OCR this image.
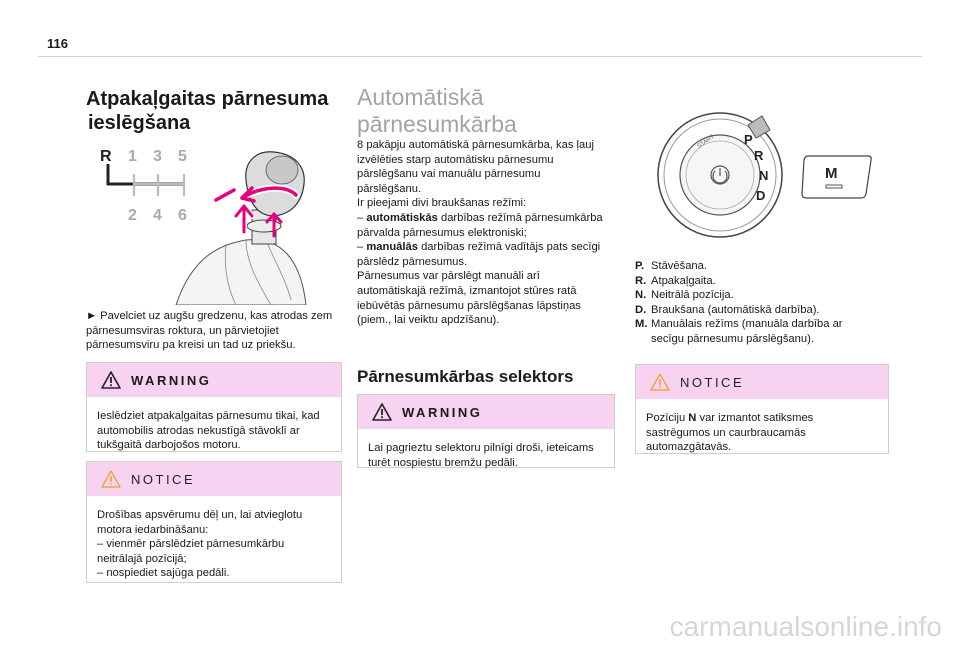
116
Atpakaļgaitas pārnesuma
ieslēgšana
R 1 3 5
2 4 6
► Pavelciet uz augšu gredzenu, kas atrodas zem pārnesumsviras roktura, un pārvietojiet pārnesumsviru pa kreisi un tad uz priekšu.
WARNING
Ieslēdziet atpakaļgaitas pārnesumu tikai, kad automobilis atrodas nekustīgā stāvoklī ar tukšgaitā darbojošos motoru.
NOTICE
Drošības apsvērumu dēļ un, lai atvieglotu motora iedarbināšanu:
– vienmēr pārslēdziet pārnesumkārbu neitrālajā pozīcijā;
– nospiediet sajūga pedāli.
Automātiskā
pārnesumkārba
8 pakāpju automātiskā pārnesumkārba, kas ļauj izvēlēties starp automātisku pārnesumu pārslēgšanu vai manuālu pārnesumu pārslēgšanu.
Ir pieejami divi braukšanas režīmi:
– automātiskās darbības režīmā pārnesumkārba pārvalda pārnesumus elektroniski;
– manuālās darbības režīmā vadītājs pats secīgi pārslēdz pārnesumus.
Pārnesumus var pārslēgt manuāli arī automātiskajā režīmā, izmantojot stūres ratā iebūvētās pārnesumu pārslēgšanas lāpstiņas (piem., lai veiktu apdzīšanu).
Pārnesumkārbas selektors
WARNING
Lai pagrieztu selektoru pilnīgi droši, ieteicams turēt nospiestu bremžu pedāli.
START P
R
N
D
M
P. Stāvēšana.
R. Atpakaļgaita.
N. Neitrālā pozīcija.
D. Braukšana (automātiskā darbība).
M. Manuālais režīms (manuāla darbība ar secīgu pārnesumu pārslēgšanu).
NOTICE
Pozīciju N var izmantot satiksmes sastrēgumos un caurbraucamās automazgātavās.
carmanualsonline.info
